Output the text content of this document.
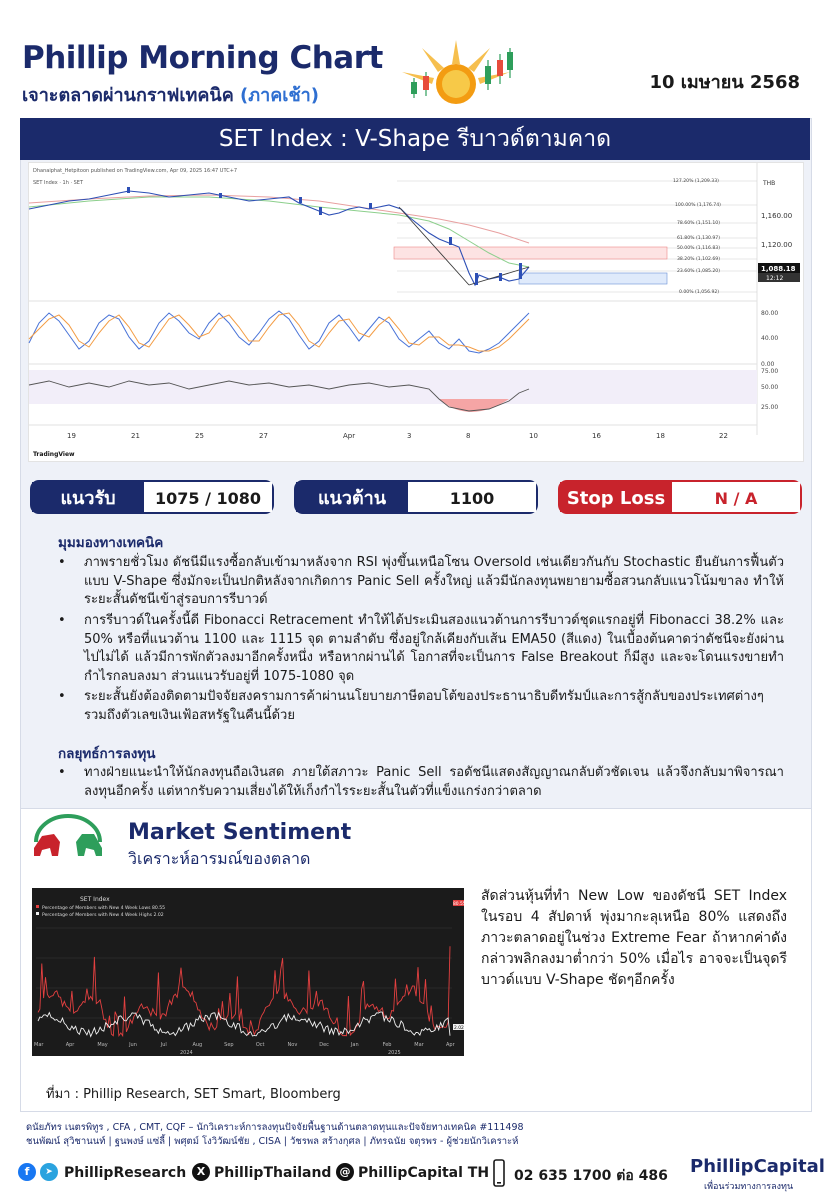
Phillip Morning Chart
เจาะตลาดผ่านกราฟเทคนิค (ภาคเช้า)
10 เมษายน 2568
SET Index : V-Shape รีบาวด์ตามคาด
Dhanaiphat_Hetpitoon published on TradingView.com, Apr 09, 2025 16:47 UTC+7
SET Index · 1h · SET	THB
127.20% (1,209.33)
100.00% (1,176.74)
78.60% (1,151.10)
61.80% (1,130.97)
50.00% (1,116.83)
38.20% (1,102.69)
23.60% (1,085.20)
0.00% (1,056.92)
1,160.00
1,120.00
1,088.18
12:12
80.00
40.00
0.00
75.00
50.00
25.00
19	21	25	27	Apr	3	8	10	16	18	22
TradingView
แนวรับ	1075 / 1080	แนวต้าน	1100	Stop Loss	N / A
มุมมองทางเทคนิค
• ภาพรายชั่วโมง ดัชนีมีแรงซื้อกลับเข้ามาหลังจาก RSI พุ่งขึ้นเหนือโซน Oversold เช่นเดียวกันกับ Stochastic ยืนยันการฟื้นตัวแบบ V-Shape ซึ่งมักจะเป็นปกติหลังจากเกิดการ Panic Sell ครั้งใหญ่ แล้วมีนักลงทุนพยายามซื้อสวนกลับแนวโน้มขาลง ทำให้ระยะสั้นดัชนีเข้าสู่รอบการรีบาวด์
• การรีบาวด์ในครั้งนี้ดี Fibonacci Retracement ทำให้ได้ประเมินสองแนวต้านการรีบาวด์ชุดแรกอยู่ที่ Fibonacci 38.2% และ 50% หรือที่แนวต้าน 1100 และ 1115 จุด ตามลำดับ ซึ่งอยู่ใกล้เคียงกับเส้น EMA50 (สีแดง) ในเบื้องต้นคาดว่าดัชนีจะยังผ่านไปไม่ได้ แล้วมีการพักตัวลงมาอีกครั้งหนึ่ง หรือหากผ่านได้ โอกาสที่จะเป็นการ False Breakout ก็มีสูง และจะโดนแรงขายทำกำไรกลบลงมา ส่วนแนวรับอยู่ที่ 1075-1080 จุด
• ระยะสั้นยังต้องติดตามปัจจัยสงครามการค้าผ่านนโยบายภาษีตอบโต้ของประธานาธิบดีทรัมป์และการสู้กลับของประเทศต่างๆ รวมถึงตัวเลขเงินเฟ้อสหรัฐในคืนนี้ด้วย
กลยุทธ์การลงทุน
• ทางฝ่ายแนะนำให้นักลงทุนถือเงินสด ภายใต้สภาวะ Panic Sell รอดัชนีแสดงสัญญาณกลับตัวชัดเจน แล้วจึงกลับมาพิจารณาลงทุนอีกครั้ง แต่หากรับความเสี่ยงได้ให้เก็งกำไรระยะสั้นในตัวที่แข็งแกร่งกว่าตลาด
Market Sentiment
วิเคราะห์อารมณ์ของตลาด
SET Index
Percentage of Members with New 4 Week Lows 80.55
Percentage of Members with New 4 Week Highs 2.02
80.55
2.02
Mar	Apr	May	Jun	Jul	Aug	Sep	Oct	Nov	Dec	Jan	Feb	Mar	Apr
2024	2025
สัดส่วนหุ้นที่ทำ New Low ของดัชนี SET Index ในรอบ 4 สัปดาห์ พุ่งมากะลุเหนือ 80% แสดงถึงภาวะตลาดอยู่ในช่วง Extreme Fear ถ้าหากค่าดังกล่าวพลิกลงมาต่ำกว่า 50% เมื่อไร อาจจะเป็นจุดรีบาวด์แบบ V-Shape ชัดๆอีกครั้ง
ที่มา : Phillip Research, SET Smart, Bloomberg
ดนัยภัทร เนตรพิทูร , CFA , CMT, CQF – นักวิเคราะห์การลงทุนปัจจัยพื้นฐานด้านตลาดทุนและปัจจัยทางเทคนิค #111498
ชนพัฒน์ สุวิชานนท์ | ฐนพงษ์ แซ่ลี้ | พศุตม์ โงวิวัฒน์ชัย , CISA | วัชรพล สร้างกุศล | ภัทรฉนัย จตุรพร - ผู้ช่วยนักวิเคราะห์
f	➤ PhillipResearch X PhillipThailand @ PhillipCapital TH 02 635 1700 ต่อ 486 PhillipCapital
เพื่อนร่วมทางการลงทุน
